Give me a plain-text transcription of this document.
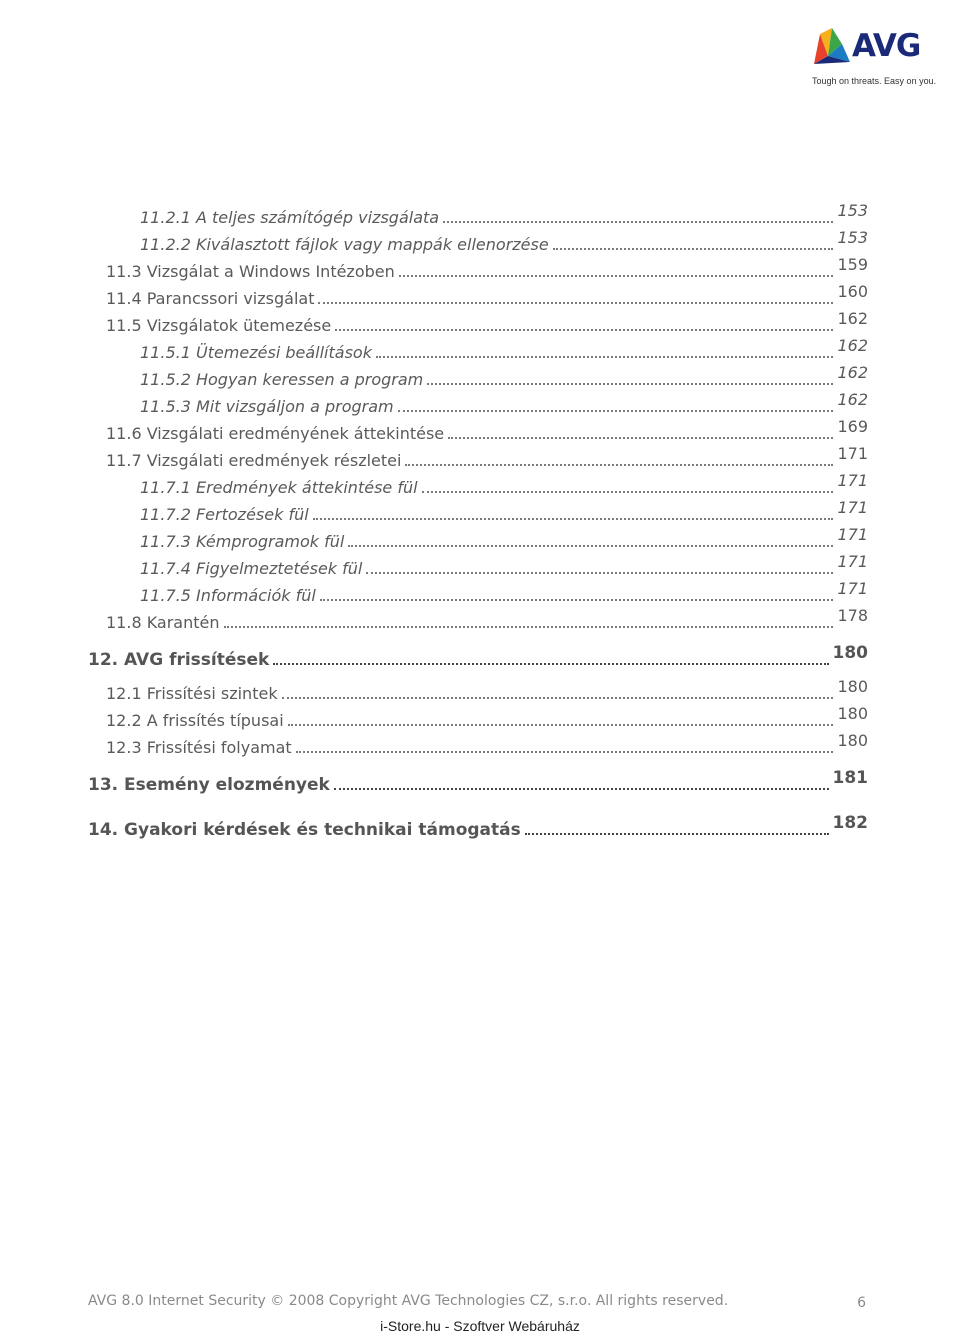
AVG
Tough on threats. Easy on you.
11.2.1 A teljes számítógép vizsgálata	153
11.2.2 Kiválasztott fájlok vagy mappák ellenorzése	153
11.3 Vizsgálat a Windows Intézoben	159
11.4 Parancssori vizsgálat	160
11.5 Vizsgálatok ütemezése	162
11.5.1 Ütemezési beállítások	162
11.5.2 Hogyan keressen a program	162
11.5.3 Mit vizsgáljon a program	162
11.6 Vizsgálati eredményének áttekintése	169
11.7 Vizsgálati eredmények részletei	171
11.7.1 Eredmények áttekintése fül	171
11.7.2 Fertozések fül	171
11.7.3 Kémprogramok fül	171
11.7.4 Figyelmeztetések fül	171
11.7.5 Információk fül	171
11.8 Karantén	178
12. AVG frissítések	180
12.1 Frissítési szintek	180
12.2 A frissítés típusai	180
12.3 Frissítési folyamat	180
13. Esemény elozmények	181
14. Gyakori kérdések és technikai támogatás	182
AVG 8.0 Internet Security © 2008 Copyright AVG Technologies CZ, s.r.o. All rights reserved.	6
i-Store.hu - Szoftver Webáruház
